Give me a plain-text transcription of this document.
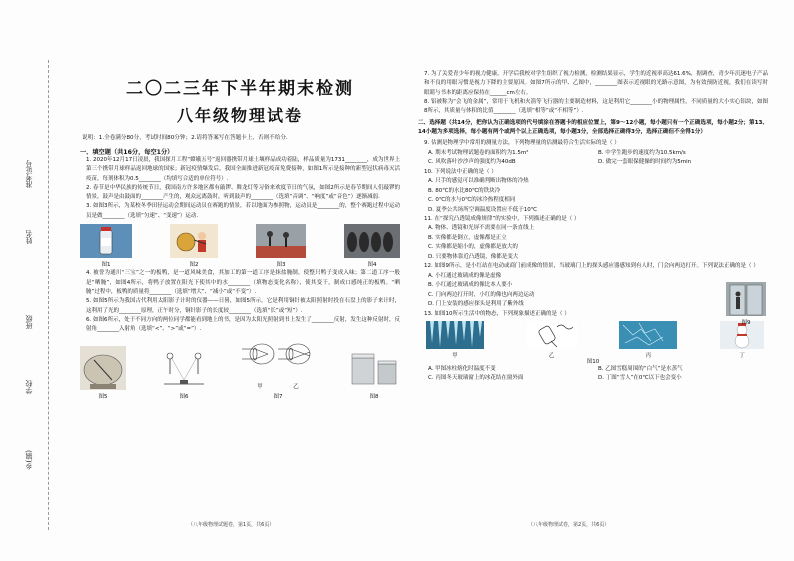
准考证号
姓名
班级
学校
乡(镇)
二〇二三年下半年期末检测
八年级物理试卷
说明：1.全卷满分80分，考试时间80分钟；2.请将答案写在答题卡上，否则不给分.
一、填空题（共16分，每空1分）
1. 2020年12月17日凌晨，我国探月工程“嫦娥五号”返回器携带月球土壤样品成功着陆，样品质量为1731________，成为世界上第三个携带月球样品返回地球的国家；新冠疫情爆发后，我国全面推进新冠疫苗免费接种，如图1所示是接种的新型冠状病毒灭活疫苗，每剂体积为0.5________（均填写合适的单位符号）.
2. 春节是中华民族的传统节日，我国南方许多地区都有敲锣、舞龙灯等习俗来欢度节日的气氛，如图2所示是春节期间人们敲锣的情景，鼓声是由鼓面的________产生的，观众远离鼓时，听到鼓声的________（选填“音调”、“响度”或“音色”）逐渐减弱.
3. 如图3所示，为某校冬季田径运动会期间运动员在赛跑的情景，若以地面为参照物，运动员是________的，整个赛跑过程中运动员是做________（选填“匀速”、“变速”）运动.
图1	图2	图3	图4
4. 被誉为通川“三宝”之一的板鸭，是一道风味美食，其加工的第一道工序是抹盐腌制，使整只鸭子变成入味；第二道工序一般是“晒腌”，如图4所示，将鸭子放置在阳光下使其中的水________（填物态变化名称），使其变干，制成口感纯正的板鸭。“晒腌”过程中，板鸭的质量将________（选填“增大”、“减小”或“不变”）.
5. 如图5所示为我国古代利用太阳影子计时的仪器——日晷，如图5所示，它是利用铜针被太阳照射时投在石盘上的影子来计时，这利用了光的________原理，正午时分，铜针影子的长度较________（选填“长”或“短”）.
6. 如图6所示，处于不同方向的两位同学都能看到地上的书，是因为太阳光照射到书上发生了________反射，发生这种反射时，反射角________入射角（选填“<”、“>”或“=”）.
图5	图6
甲	乙
图7	图8
（八年级物理试题卷，第1页，共6页）
7. 为了关爱青少年的视力健康，开学后我校对学生组织了视力检测，检测结果显示，学生的近视率高达61.6%，据调查，青少年沉迷电子产品和不良的用眼习惯是视力下降的主要原因。如图7所示的甲、乙图中，________图表示近视眼的光路示意图，为有效预防近视，我们在读写时眼睛与书本的距离应保持在______cm左右。
8. 铝被称为“会飞的金属”，常用于飞机和火箭等飞行器的主要制造材料，这是利用它________小的物理属性，不同质量的大小实心铝块，如图8所示，其质量与体积的比值________（选填“相等”或“不相等”）.
二、选择题（共14分，把你认为正确选项的代号填涂在答题卡的相应位置上，第9～12小题，每小题只有一个正确选项，每小题2分；第13、14小题为多项选择，每小题有两个或两个以上正确选项，每小题3分，全部选择正确得3分，选择正确但不全得1分）
9. 估测是物理学中常用的测量方法，下列物理量的估测最符合生活实际的是（ ）
A. 期末考试物理试题卷的面积约为1.5m²	B. 中学生跑步的速度约为10.5km/s
C. 风吹落叶沙沙声的强度约为40dB	D. 做完一套眼保健操的时间约为5min
10. 下列说法中正确的是（ ）
A. 只手的感觉可以准确判断出物体的冷热
B. 80℃的水比80℃的铁块冷
C. 0℃的水与0℃的冰冷热程度相同
D. 夏季公共场所空调温度设置应不低于10℃
11. 在“探究凸透镜成像规律”的实验中，下列描述正确的是（ ）
A. 物体、透镜和光屏不需要在同一条直线上
B. 实像都是倒立，虚像都是正立
C. 实像都是缩小的，虚像都是放大的
D. 只要物体靠近凸透镜，像都是变大
12. 如图9所示，是小红站在电动或商门前成像的情景，当玻璃门上的探头感应器感知到有人时，门会向两边打开。下列说法正确的是（ ）
A. 小红通过玻璃成的像是虚像
B. 小红通过玻璃成的像比本人要小
C. 门向两边打开时，小红的像也向两边运动
D. 门上安装的感应探头是利用了紫外线
图9
13. 如图10所示生活中的物态，下列现象描述正确的是（ ）
甲	乙	丙	丁
图10
A. 甲图冰柱熔化时温度不变	B. 乙图雪糕周围的“白气”是水蒸气
C. 丙图冬天玻璃窗上的冰花结在窗外面	D. 丁图“雪人”在0℃以下也会变小
（八年级物理试卷，第2页，共6页）
